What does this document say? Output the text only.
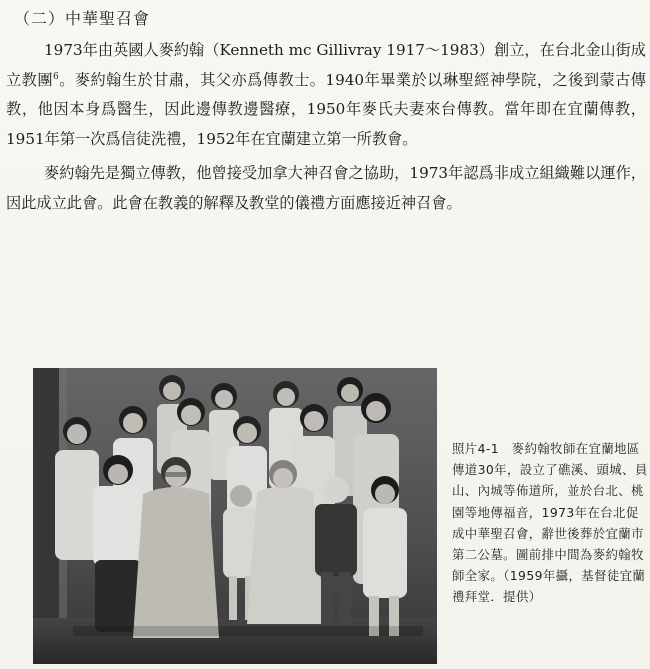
（二）中華聖召會

1973年由英國人麥約翰（Kenneth mc Gillivray 1917～1983）創立，在台北金山街成立教團$^6$。麥約翰生於甘肅，其父亦爲傳教士。1940年畢業於以琳聖經神學院，之後到蒙古傳教，他因本身爲醫生，因此邊傳教邊醫療，1950年麥氏夫妻來台傳教。當年即在宜蘭傳教，1951年第一次爲信徒洗禮，1952年在宜蘭建立第一所教會。

麥約翰先是獨立傳教，他曾接受加拿大神召會之協助，1973年認爲非成立組織難以運作，因此成立此會。此會在教義的解釋及教堂的儀禮方面應接近神召會。

照片4-1　麥約翰牧師在宜蘭地區傳道30年，設立了礁溪、頭城、員山、內城等佈道所，並於台北、桃園等地傳福音，1973年在台北促成中華聖召會，辭世後葬於宜蘭市第二公墓。圖前排中間為麥約翰牧師全家。（1959年攝，基督徒宜蘭禮拜堂．提供）
